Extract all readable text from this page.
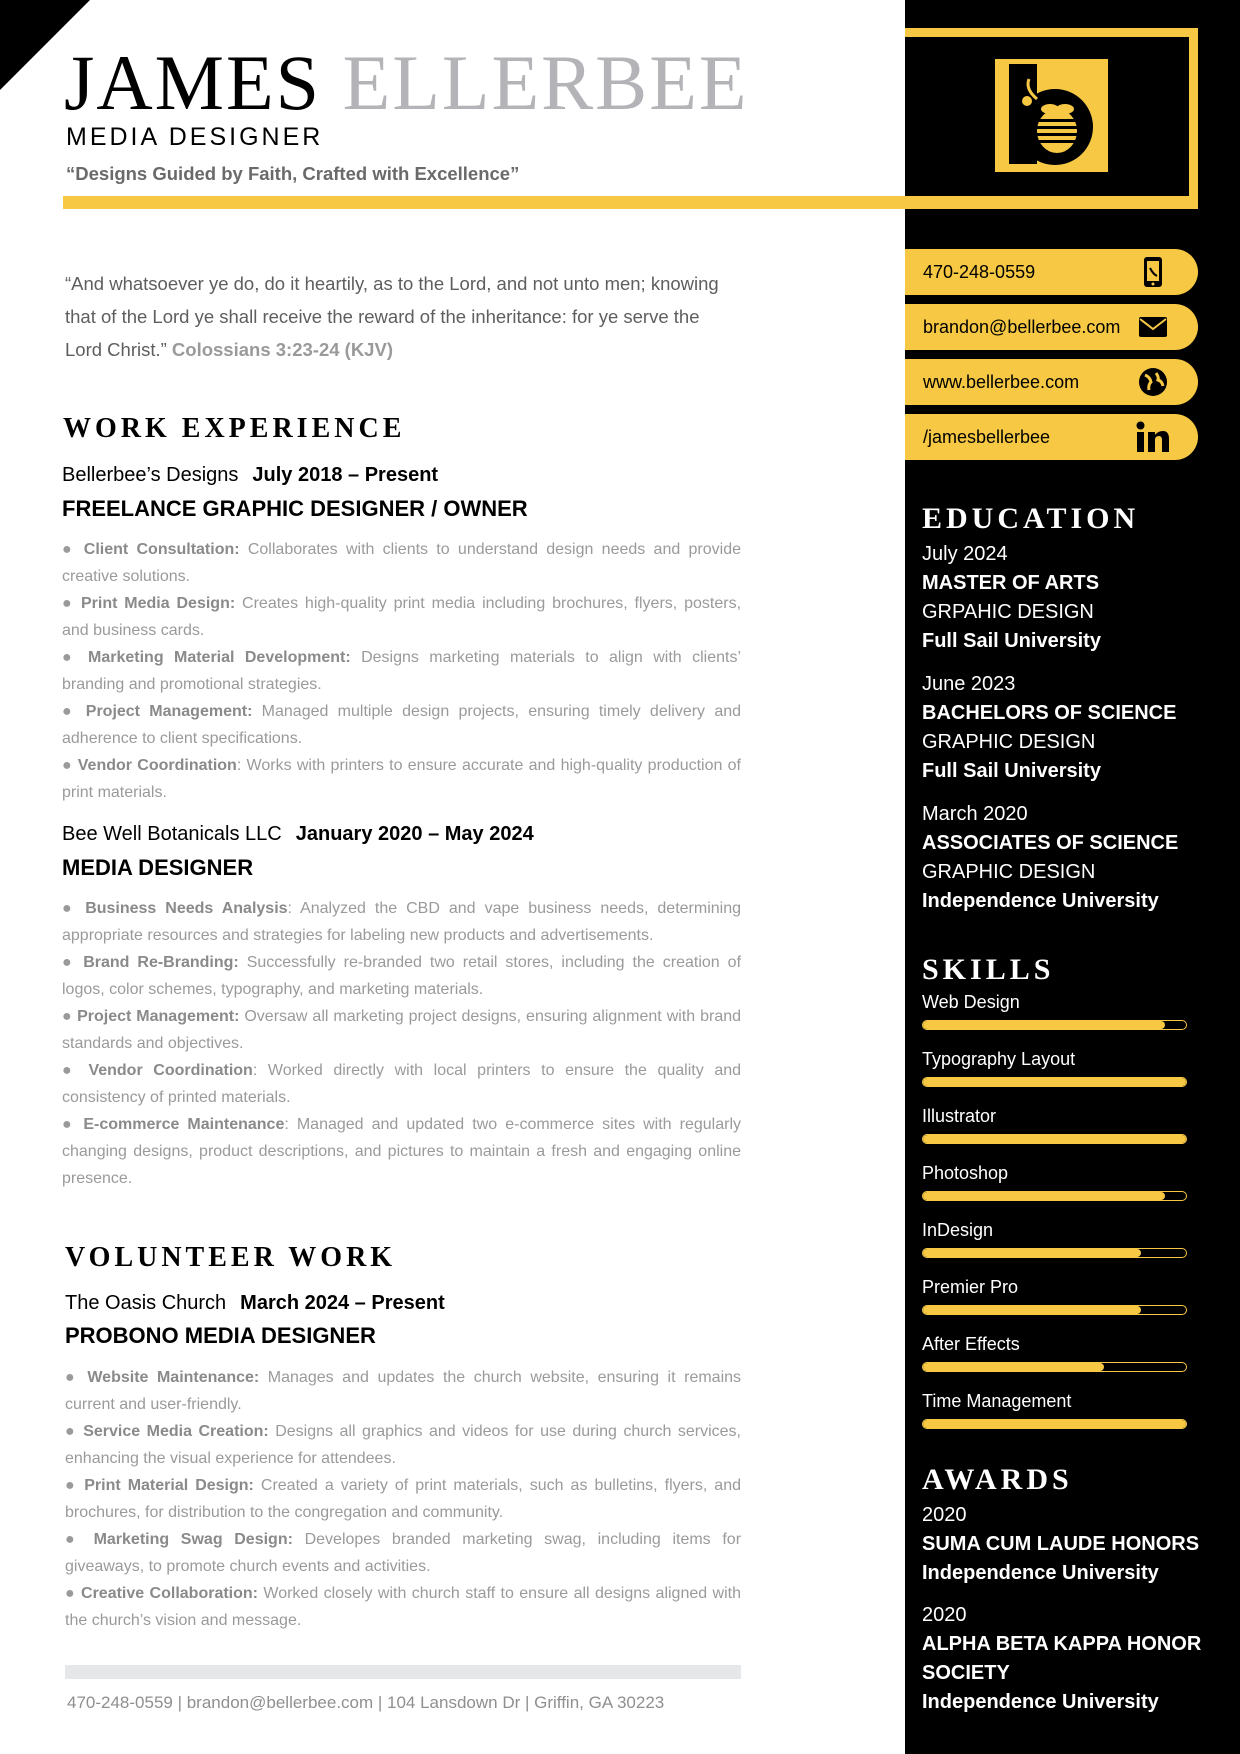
JAMES ELLERBEE
MEDIA DESIGNER
“Designs Guided by Faith, Crafted with Excellence”
470-248-0559
brandon@bellerbee.com
www.bellerbee.com
/jamesbellerbee
EDUCATION
July 2024
MASTER OF ARTS
GRPAHIC DESIGN
Full Sail University
June 2023
BACHELORS OF SCIENCE
GRAPHIC DESIGN
Full Sail University
March 2020
ASSOCIATES OF SCIENCE
GRAPHIC DESIGN
Independence University
SKILLS
Web Design
Typography Layout
Illustrator
Photoshop
InDesign
Premier Pro
After Effects
Time Management
AWARDS
2020
SUMA CUM LAUDE HONORS
Independence University
2020
ALPHA BETA KAPPA HONOR SOCIETY
Independence University
“And whatsoever ye do, do it heartily, as to the Lord, and not unto men; knowing that of the Lord ye shall receive the reward of the inheritance: for ye serve the Lord Christ.” Colossians 3:23-24 (KJV)
WORK EXPERIENCE
Bellerbee’s Designs July 2018 – Present
FREELANCE GRAPHIC DESIGNER / OWNER
● Client Consultation: Collaborates with clients to understand design needs and provide creative solutions.
● Print Media Design: Creates high-quality print media including brochures, flyers, posters, and business cards.
● Marketing Material Development: Designs marketing materials to align with clients’ branding and promotional strategies.
● Project Management: Managed multiple design projects, ensuring timely delivery and adherence to client specifications.
● Vendor Coordination: Works with printers to ensure accurate and high-quality production of print materials.
Bee Well Botanicals LLC January 2020 – May 2024
MEDIA DESIGNER
● Business Needs Analysis: Analyzed the CBD and vape business needs, determining appropriate resources and strategies for labeling new products and advertisements.
● Brand Re-Branding: Successfully re-branded two retail stores, including the creation of logos, color schemes, typography, and marketing materials.
● Project Management: Oversaw all marketing project designs, ensuring alignment with brand standards and objectives.
● Vendor Coordination: Worked directly with local printers to ensure the quality and consistency of printed materials.
● E-commerce Maintenance: Managed and updated two e-commerce sites with regularly changing designs, product descriptions, and pictures to maintain a fresh and engaging online presence.
VOLUNTEER WORK
The Oasis Church March 2024 – Present
PROBONO MEDIA DESIGNER
● Website Maintenance: Manages and updates the church website, ensuring it remains current and user-friendly.
● Service Media Creation: Designs all graphics and videos for use during church services, enhancing the visual experience for attendees.
● Print Material Design: Created a variety of print materials, such as bulletins, flyers, and brochures, for distribution to the congregation and community.
● Marketing Swag Design: Developes branded marketing swag, including items for giveaways, to promote church events and activities.
● Creative Collaboration: Worked closely with church staff to ensure all designs aligned with the church’s vision and message.
470-248-0559 | brandon@bellerbee.com | 104 Lansdown Dr | Griffin, GA 30223
